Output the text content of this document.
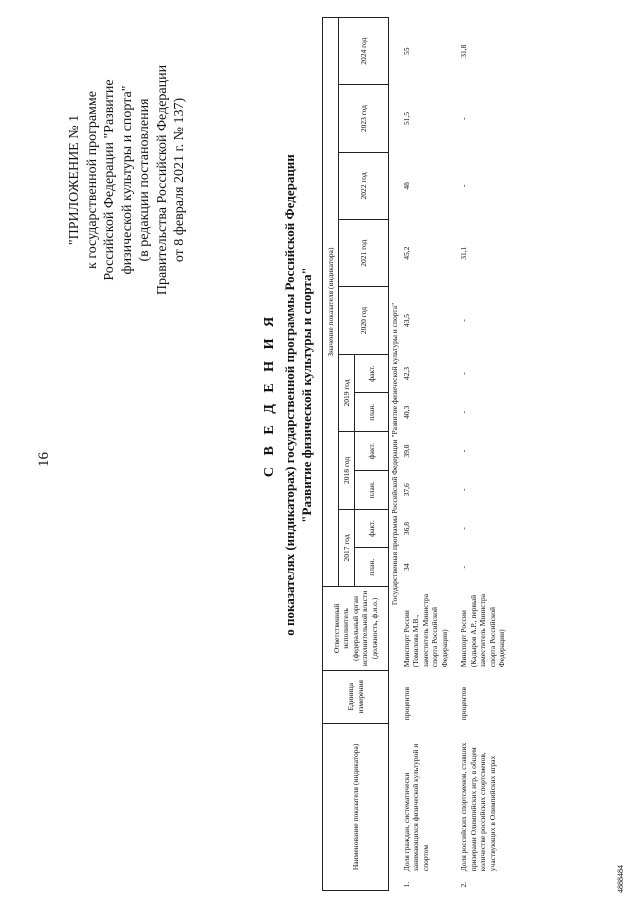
16
"ПРИЛОЖЕНИЕ № 1 к государственной программе Российской Федерации "Развитие физической культуры и спорта" (в редакции постановления Правительства Российской Федерации от 8 февраля 2021 г. № 137)
С В Е Д Е Н И Я о показателях (индикаторах) государственной программы Российской Федерации "Развитие физической культуры и спорта"
Наименование показателя (индикатора)		Единица измерения	Ответственный исполнитель (федеральный орган исполнительной власти (должность, ф.и.о.)	Значение показателя (индикатора)										
				2017 год		2018 год		2019 год		2020 год	2021 год	2022 год	2023 год	2024 год
				план.	факт.	план.	факт.	план.	факт.					
Государственная программа Российской Федерации "Развитие физической культуры и спорта"														
1.	Доля граждан, систематически занимающихся физической культурой и спортом	процентов	Минспорт России (Томилова М.В., заместитель Министра спорта Российской Федерации)	34	36,8	37,6	39,8	40,3	42,3	43,5	45,2	48	51,5	55

2.	Доля российских спортсменов, ставших призерами Олимпийских игр, в общем количестве российских спортсменов, участвующих в Олимпийских играх	процентов	Минспорт России (Кадыров А.Р., первый заместитель Министра спорта Российской Федерации)	-	-	-	-	-	-	-	31,1	-	-	31,8
4888484
